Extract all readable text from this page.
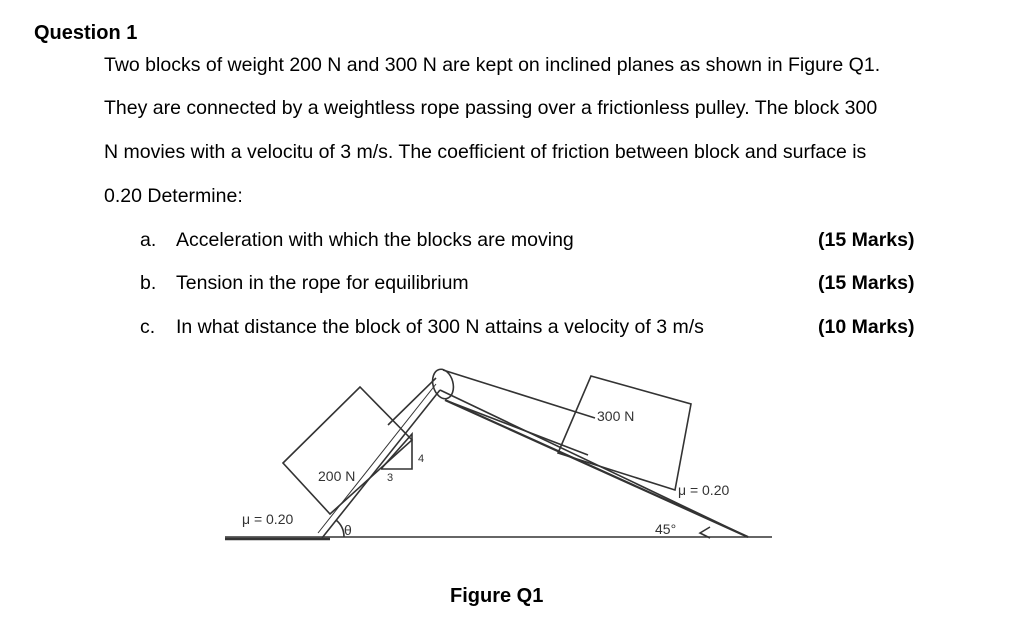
Question 1
Two blocks of weight 200 N and 300 N are kept on inclined planes as shown in Figure Q1.
They are connected by a weightless rope passing over a frictionless pulley. The block 300
N movies with a velocitu of 3 m/s. The coefficient of friction between block and surface is
0.20 Determine:
a. Acceleration with which the blocks are moving	(15 Marks)
b. Tension in the rope for equilibrium	(15 Marks)
c. In what distance the block of 300 N attains a velocity of 3 m/s	(10 Marks)
200 N	3
4
300 N
μ = 0.20
μ = 0.20
θ	45°
Figure Q1
